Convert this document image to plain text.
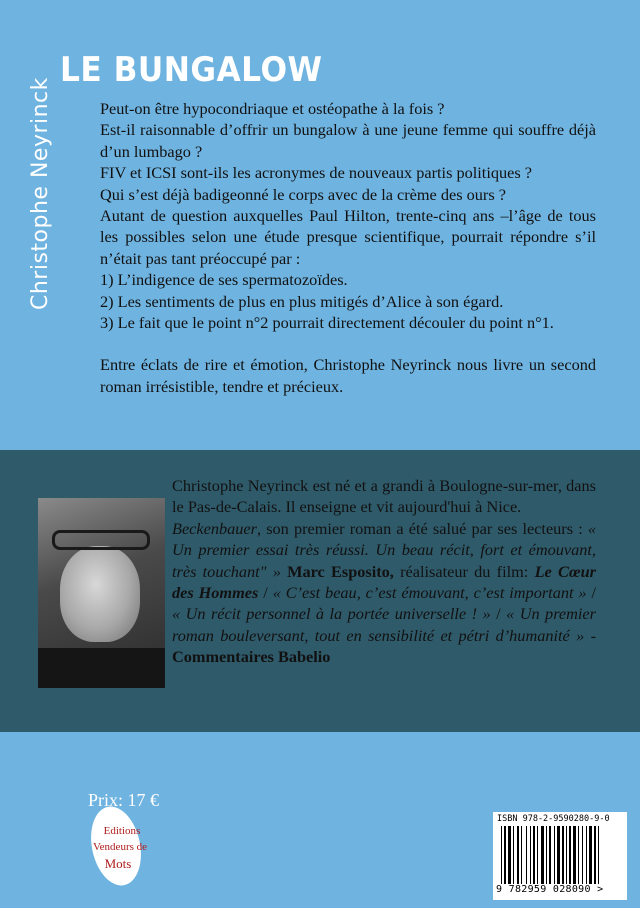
LE BUNGALOW
Christophe Neyrinck	Peut-on être hypocondriaque et ostéopathe à la fois ?

Est-il raisonnable d’offrir un bungalow à une jeune femme qui souffre déjà d’un lumbago ?

FIV et ICSI sont-ils les acronymes de nouveaux partis politiques ?

Qui s’est déjà badigeonné le corps avec de la crème des ours ?

Autant de question auxquelles Paul Hilton, trente-cinq ans –l’âge de tous les possibles selon une étude presque scientifique, pourrait répondre s’il n’était pas tant préoccupé par :

1) L’indigence de ses spermatozoïdes.

2) Les sentiments de plus en plus mitigés d’Alice à son égard.

3) Le fait que le point n°2 pourrait directement découler du point n°1.

Entre éclats de rire et émotion, Christophe Neyrinck nous livre un second roman irrésistible, tendre et précieux.

Christophe Neyrinck est né et a grandi à Boulogne-sur-mer, dans le Pas-de-Calais. Il enseigne et vit aujourd'hui à Nice.

Beckenbauer, son premier roman a été salué par ses lecteurs : « Un premier essai très réussi. Un beau récit, fort et émouvant, très touchant" » Marc Esposito, réalisateur du film: Le Cœur des Hommes / « C’est beau, c’est émouvant, c’est important » / « Un récit personnel à la portée universelle ! » / « Un premier roman bouleversant, tout en sensibilité et pétri d’humanité » - Commentaires Babelio

Prix: 17 €
Editions
Vendeurs de
Mots
ISBN 978-2-9590280-9-0
9 782959 028090 >
